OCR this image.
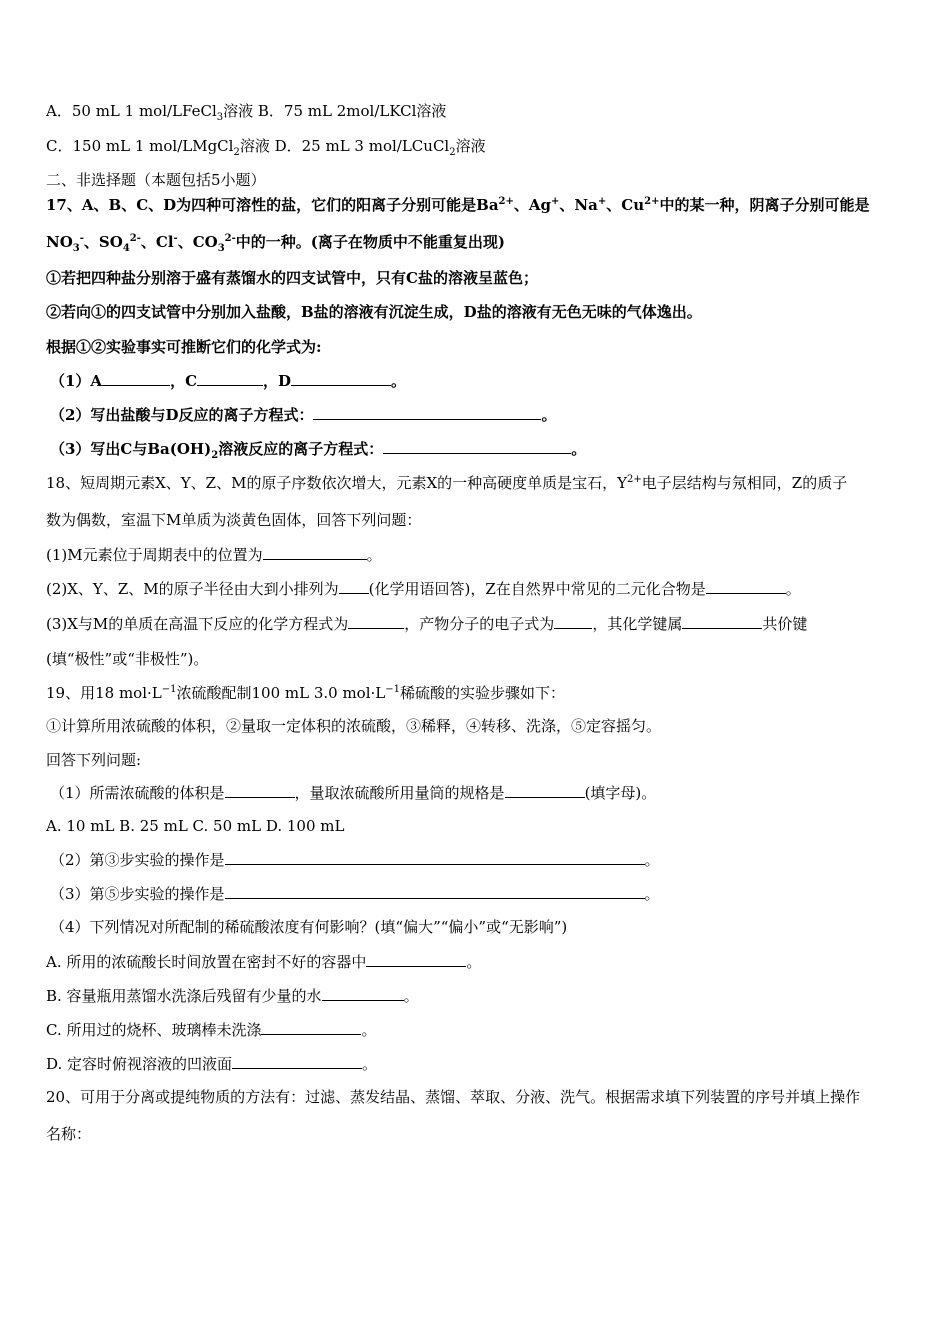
A．50 mL 1 mol/LFeCl$_3$溶液 B．75 mL 2mol/LKCl溶液
C．150 mL 1 mol/LMgCl$_2$溶液 D．25 mL 3 mol/LCuCl$_2$溶液
二、非选择题（本题包括5小题）
17、A、B、C、D为四种可溶性的盐，它们的阳离子分别可能是$Ba^{2+}$、Ag+、Na+、$Cu^{2+}$中的某一种，阴离子分别可能是
$NO_3^-$、$SO_4^{2-}$、Cl-、$CO_3^{2-}$中的一种。(离子在物质中不能重复出现)
①若把四种盐分别溶于盛有蒸馏水的四支试管中，只有C盐的溶液呈蓝色；
②若向①的四支试管中分别加入盐酸，B盐的溶液有沉淀生成，D盐的溶液有无色无味的气体逸出。
根据①②实验事实可推断它们的化学式为:
（1）A	，C	，D	。
（2）写出盐酸与D反应的离子方程式：	。
（3）写出C与$Ba(OH)_2$溶液反应的离子方程式：	。
18、短周期元素X、Y、Z、M的原子序数依次增大，元素X的一种高硬度单质是宝石，$Y^{2+}$电子层结构与氖相同，Z的质子
数为偶数，室温下M单质为淡黄色固体，回答下列问题：
(1)M元素位于周期表中的位置为	。
(2)X、Y、Z、M的原子半径由大到小排列为 (化学用语回答)，Z在自然界中常见的二元化合物是	。
(3)X与M的单质在高温下反应的化学方程式为	，产物分子的电子式为	，其化学键属	共价键
(填“极性”或“非极性”)。
19、用18 $mol\cdot L^{-1}$浓硫酸配制100 mL 3.0 $mol\cdot L^{-1}$稀硫酸的实验步骤如下：
①计算所用浓硫酸的体积，②量取一定体积的浓硫酸，③稀释，④转移、洗涤，⑤定容摇匀。
回答下列问题:
（1）所需浓硫酸的体积是	，量取浓硫酸所用量筒的规格是	(填字母)。
A. 10 mL B. 25 mL C. 50 mL D. 100 mL
（2）第③步实验的操作是	。
（3）第⑤步实验的操作是	。
（4）下列情况对所配制的稀硫酸浓度有何影响？(填“偏大”“偏小”或“无影响”)
A. 所用的浓硫酸长时间放置在密封不好的容器中	。
B. 容量瓶用蒸馏水洗涤后残留有少量的水	。
C. 所用过的烧杯、玻璃棒未洗涤	。
D. 定容时俯视溶液的凹液面	。
20、可用于分离或提纯物质的方法有：过滤、蒸发结晶、蒸馏、萃取、分液、洗气。根据需求填下列装置的序号并填上操作
名称：
